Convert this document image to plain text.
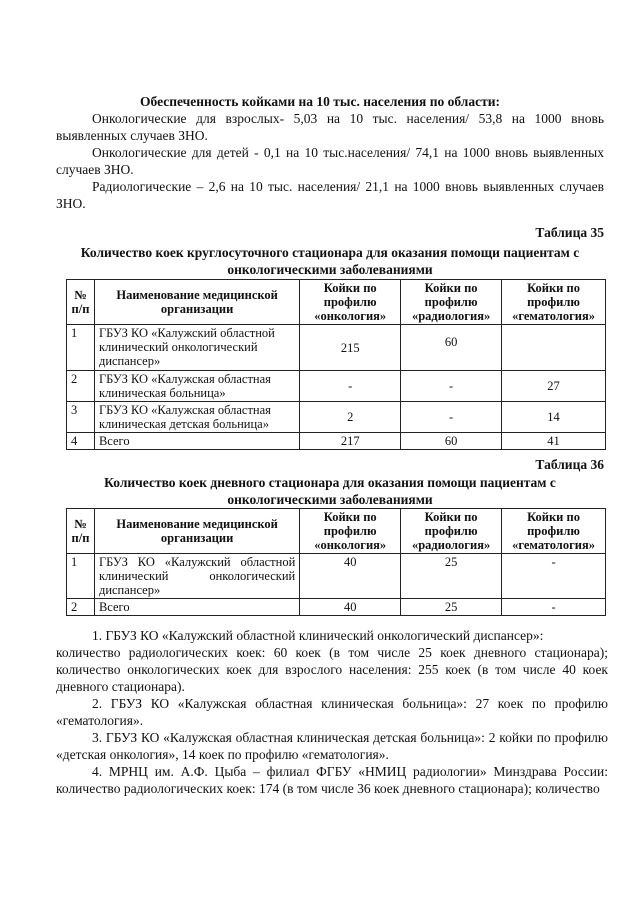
Обеспеченность койками на 10 тыс. населения по области:
Онкологические для взрослых- 5,03 на 10 тыс. населения/ 53,8 на 1000 вновь выявленных случаев ЗНО.
Онкологические для детей - 0,1 на 10 тыс.населения/ 74,1 на 1000 вновь выявленных случаев ЗНО.
Радиологические – 2,6 на 10 тыс. населения/ 21,1 на 1000 вновь выявленных случаев ЗНО.
Таблица 35
Количество коек круглосуточного стационара для оказания помощи пациентам с онкологическими заболеваниями
№ п/п	Наименование медицинской организации	Койки по профилю «онкология»	Койки по профилю «радиология»	Койки по профилю «гематология»
1	ГБУЗ КО «Калужский областной клинический онкологический диспансер»	215	60	
2	ГБУЗ КО «Калужская областная клиническая больница»	-	-	27
3	ГБУЗ КО «Калужская областная клиническая детская больница»	2	-	14
4	Всего	217	60	41
Таблица 36
Количество коек дневного стационара для оказания помощи пациентам с онкологическими заболеваниями
№ п/п	Наименование медицинской организации	Койки по профилю «онкология»	Койки по профилю «радиология»	Койки по профилю «гематология»
1	ГБУЗ КО «Калужский областной клинический онкологический диспансер»	40	25	-
2	Всего	40	25	-

1. ГБУЗ КО «Калужский областной клинический онкологический диспансер»:

количество радиологических коек: 60 коек (в том числе 25 коек дневного стационара); количество онкологических коек для взрослого населения: 255 коек (в том числе 40 коек дневного стационара).

2. ГБУЗ КО «Калужская областная клиническая больница»: 27 коек по профилю «гематология».

3. ГБУЗ КО «Калужская областная клиническая детская больница»: 2 койки по профилю «детская онкология», 14 коек по профилю «гематология».

4. МРНЦ им. А.Ф. Цыба – филиал ФГБУ «НМИЦ радиологии» Минздрава России: количество радиологических коек: 174 (в том числе 36 коек дневного стационара); количество
